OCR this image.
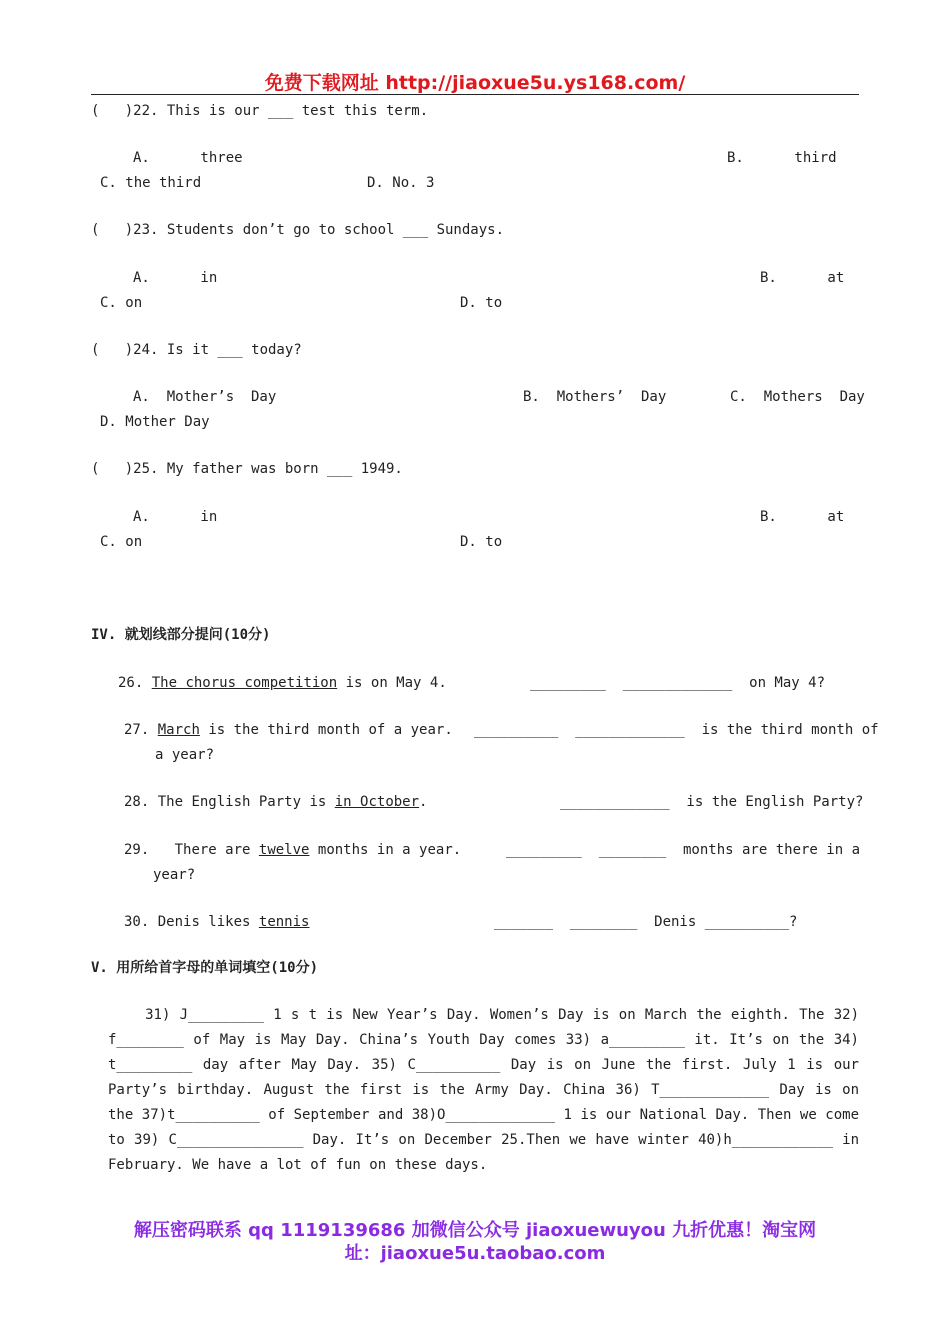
免费下载网址 http://jiaoxue5u.ys168.com/
(   )22. This is our ___ test this term.
A.      three	B.      third
C. the third	D. No. 3
(   )23. Students don’t go to school ___ Sundays.
A.      in	B.      at
C. on	D. to
(   )24. Is it ___ today?
A.  Mother’s  Day	B.  Mothers’  Day	C.  Mothers  Day
D. Mother Day
(   )25. My father was born ___ 1949.
A.      in	B.      at
C. on	D. to
IV. 就划线部分提问(10分)
26. The chorus competition is on May 4.	_________  _____________  on May 4?
27. March is the third month of a year. __________  _____________  is the third month of
a year?
28. The English Party is in October.	_____________  is the English Party?
29. There are twelve months in a year.	_________  ________  months are there in a
year?
30. Denis likes tennis	_______  ________  Denis __________?
V. 用所给首字母的单词填空(10分)
31) J_________ 1 s t is New Year’s Day. Women’s Day is on March the eighth. The 32) f________ of May is May Day. China’s Youth Day comes 33) a_________ it. It’s on the 34) t_________ day after May Day. 35) C__________ Day is on June the first. July 1 is our Party’s birthday. August the first is the Army Day. China 36) T_____________ Day is on the 37)t__________ of September and 38)O_____________ 1 is our National Day. Then we come to 39) C_______________ Day. It’s on December 25.Then we have winter 40)h____________ in February. We have a lot of fun on these days.
解压密码联系 qq 1119139686 加微信公众号 jiaoxuewuyou 九折优惠！淘宝网
址：jiaoxue5u.taobao.com
